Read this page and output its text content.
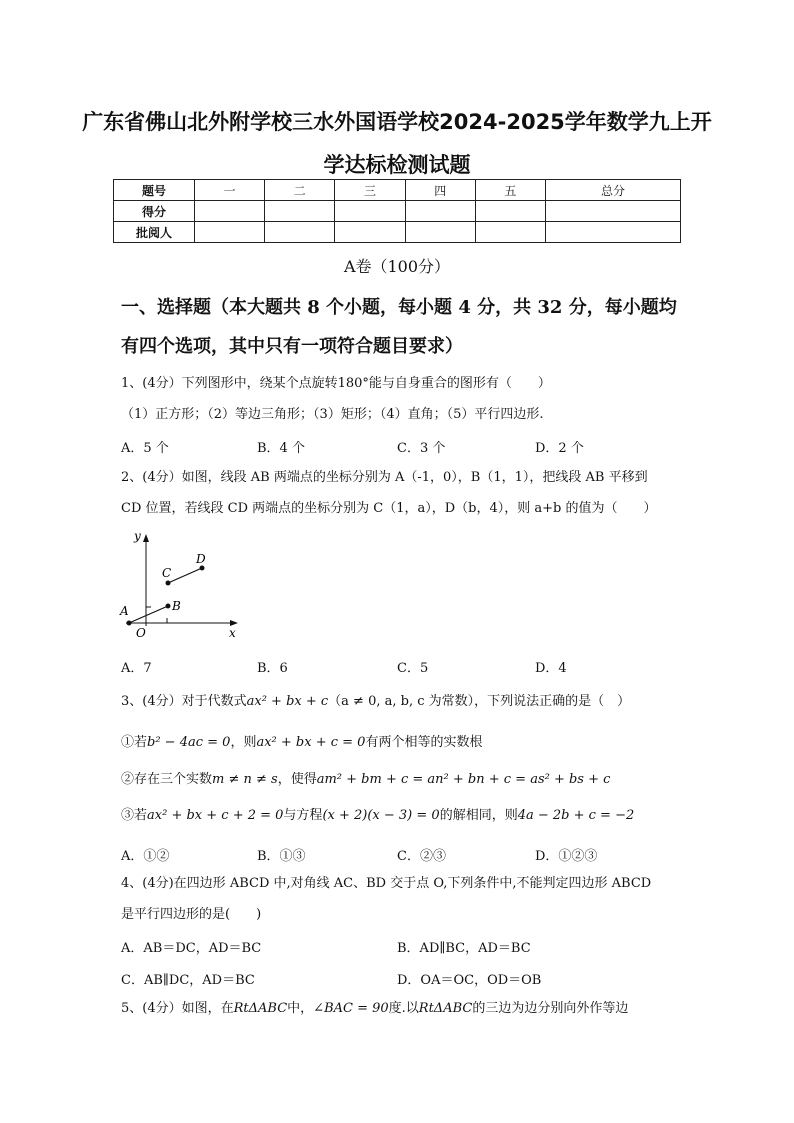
广东省佛山北外附学校三水外国语学校2024-2025学年数学九上开
学达标检测试题
题号	一	二	三	四	五	总分
得分						
批阅人						
A卷（100分）
一、选择题（本大题共 8 个小题，每小题 4 分，共 32 分，每小题均
有四个选项，其中只有一项符合题目要求）
1、(4分）下列图形中，绕某个点旋转180°能与自身重合的图形有（　　）
（1）正方形；（2）等边三角形；（3）矩形；（4）直角；（5）平行四边形.
A．5 个	B．4 个	C．3 个	D．2 个
2、(4分）如图，线段 AB 两端点的坐标分别为 A（-1，0），B（1，1），把线段 AB 平移到
CD 位置，若线段 CD 两端点的坐标分别为 C（1，a），D（b，4），则 a+b 的值为（　　）
y
x
O
A	B
C
D
A．7	B．6	C．5	D．4
3、(4分）对于代数式ax² + bx + c（a ≠ 0, a, b, c 为常数），下列说法正确的是（　）
①若b² − 4ac = 0，则ax² + bx + c = 0有两个相等的实数根
②存在三个实数m ≠ n ≠ s，使得am² + bm + c = an² + bn + c = as² + bs + c
③若ax² + bx + c + 2 = 0与方程(x + 2)(x − 3) = 0的解相同，则4a − 2b + c = −2
A．①②	B．①③	C．②③	D．①②③
4、(4分)在四边形 ABCD 中,对角线 AC、BD 交于点 O,下列条件中,不能判定四边形 ABCD
是平行四边形的是(　　)
A．AB＝DC，AD＝BC	B．AD∥BC，AD＝BC
C．AB∥DC，AD＝BC	D．OA＝OC，OD＝OB
5、(4分）如图，在RtΔABC中，∠BAC = 90度.以RtΔABC的三边为边分别向外作等边
